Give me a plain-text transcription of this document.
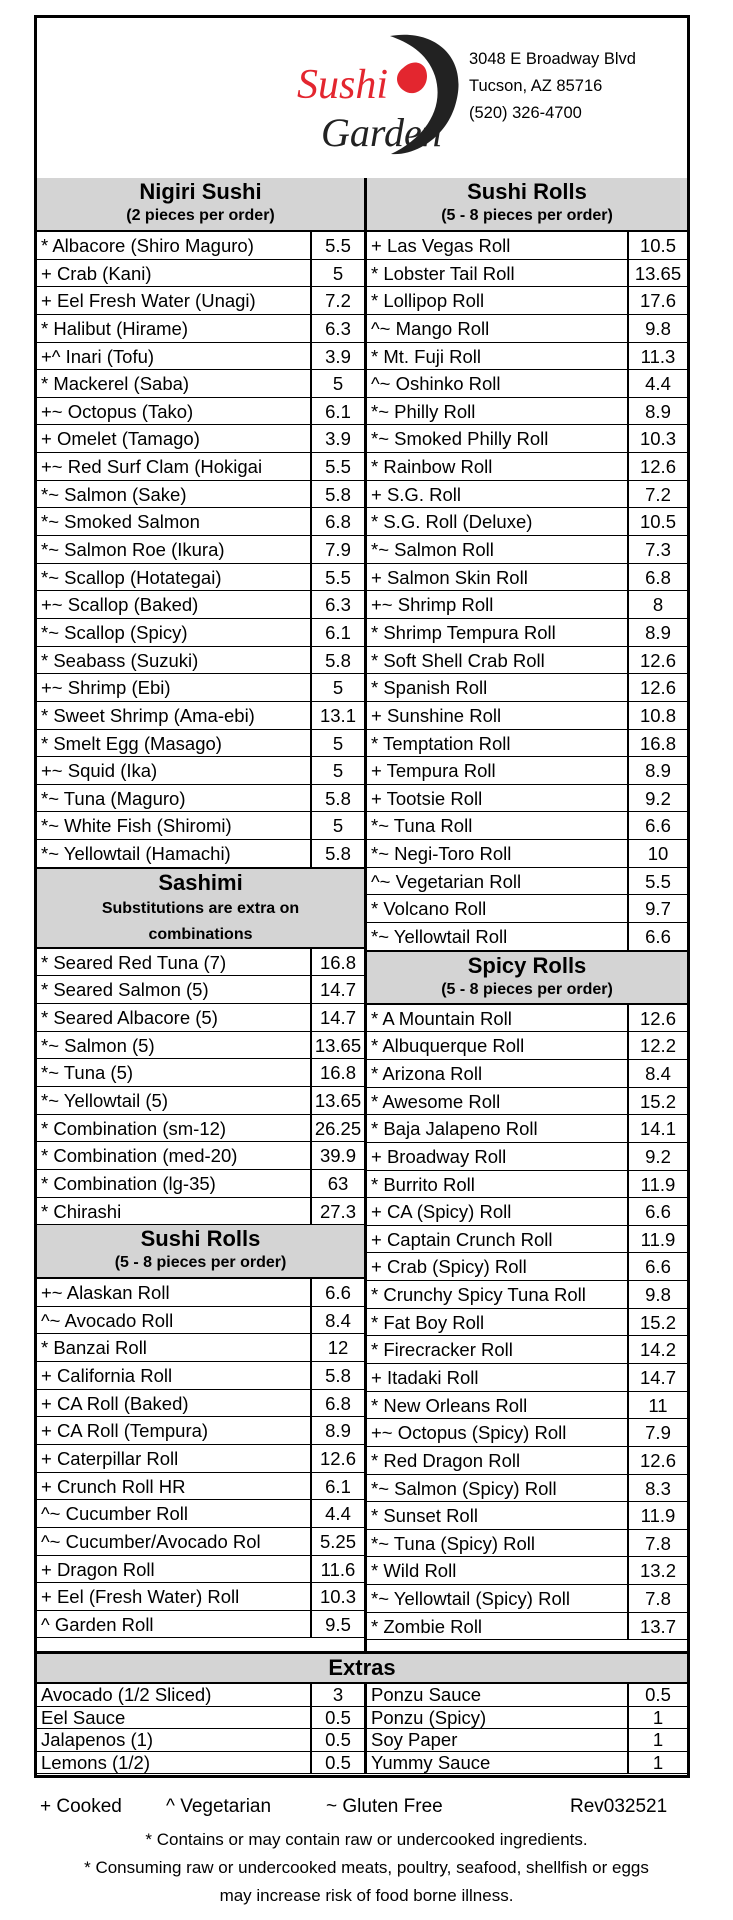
Sushi
Garden
3048 E Broadway Blvd
Tucson, AZ 85716
(520) 326-4700
Nigiri Sushi
(2 pieces per order)
* Albacore (Shiro Maguro)	5.5
+ Crab (Kani)	5
+ Eel Fresh Water (Unagi)	7.2
* Halibut (Hirame)	6.3
+^ Inari (Tofu)	3.9
* Mackerel (Saba)	5
+~ Octopus (Tako)	6.1
+ Omelet (Tamago)	3.9
+~ Red Surf Clam (Hokigai	5.5
*~ Salmon (Sake)	5.8
*~ Smoked Salmon	6.8
*~ Salmon Roe (Ikura)	7.9
*~ Scallop (Hotategai)	5.5
+~ Scallop (Baked)	6.3
*~ Scallop (Spicy)	6.1
* Seabass (Suzuki)	5.8
+~ Shrimp (Ebi)	5
* Sweet Shrimp (Ama-ebi)	13.1
* Smelt Egg (Masago)	5
+~ Squid (Ika)	5
*~ Tuna (Maguro)	5.8
*~ White Fish (Shiromi)	5
*~ Yellowtail (Hamachi)	5.8
Sashimi
Substitutions are extra on combinations
* Seared Red Tuna (7)	16.8
* Seared Salmon (5)	14.7
* Seared Albacore (5)	14.7
*~ Salmon (5)	13.65
*~ Tuna (5)	16.8
*~ Yellowtail (5)	13.65
* Combination (sm-12)	26.25
* Combination (med-20)	39.9
* Combination (lg-35)	63
* Chirashi	27.3
Sushi Rolls
(5 - 8 pieces per order)
+~ Alaskan Roll	6.6
^~ Avocado Roll	8.4
* Banzai Roll	12
+ California Roll	5.8
+ CA Roll (Baked)	6.8
+ CA Roll (Tempura)	8.9
+ Caterpillar Roll	12.6
+ Crunch Roll HR	6.1
^~ Cucumber Roll	4.4
^~ Cucumber/Avocado Rol	5.25
+ Dragon Roll	11.6
+ Eel (Fresh Water) Roll	10.3
^ Garden Roll	9.5
Sushi Rolls
(5 - 8 pieces per order)
+ Las Vegas Roll	10.5
* Lobster Tail Roll	13.65
* Lollipop Roll	17.6
^~ Mango Roll	9.8
* Mt. Fuji Roll	11.3
^~ Oshinko Roll	4.4
*~ Philly Roll	8.9
*~ Smoked Philly Roll	10.3
* Rainbow Roll	12.6
+ S.G. Roll	7.2
* S.G. Roll (Deluxe)	10.5
*~ Salmon Roll	7.3
+ Salmon Skin Roll	6.8
+~ Shrimp Roll	8
* Shrimp Tempura Roll	8.9
* Soft Shell Crab Roll	12.6
* Spanish Roll	12.6
+ Sunshine Roll	10.8
* Temptation Roll	16.8
+ Tempura Roll	8.9
+ Tootsie Roll	9.2
*~ Tuna Roll	6.6
*~ Negi-Toro Roll	10
^~ Vegetarian Roll	5.5
* Volcano Roll	9.7
*~ Yellowtail Roll	6.6
Spicy Rolls
(5 - 8 pieces per order)
* A Mountain Roll	12.6
* Albuquerque Roll	12.2
* Arizona Roll	8.4
* Awesome Roll	15.2
* Baja Jalapeno Roll	14.1
+ Broadway Roll	9.2
* Burrito Roll	11.9
+ CA (Spicy) Roll	6.6
+ Captain Crunch Roll	11.9
+ Crab (Spicy) Roll	6.6
* Crunchy Spicy Tuna Roll	9.8
* Fat Boy Roll	15.2
* Firecracker Roll	14.2
+ Itadaki Roll	14.7
* New Orleans Roll	11
+~ Octopus (Spicy) Roll	7.9
* Red Dragon Roll	12.6
*~ Salmon (Spicy) Roll	8.3
* Sunset Roll	11.9
*~ Tuna (Spicy) Roll	7.8
* Wild Roll	13.2
*~ Yellowtail (Spicy) Roll	7.8
* Zombie Roll	13.7
Extras
Avocado (1/2 Sliced)	3
Eel Sauce	0.5
Jalapenos (1)	0.5
Lemons (1/2)	0.5
Ponzu Sauce	0.5
Ponzu (Spicy)	1
Soy Paper	1
Yummy Sauce	1
+ Cooked ^ Vegetarian	~ Gluten Free	Rev032521
* Contains or may contain raw or undercooked ingredients.
* Consuming raw or undercooked meats, poultry, seafood, shellfish or eggs
may increase risk of food borne illness.
